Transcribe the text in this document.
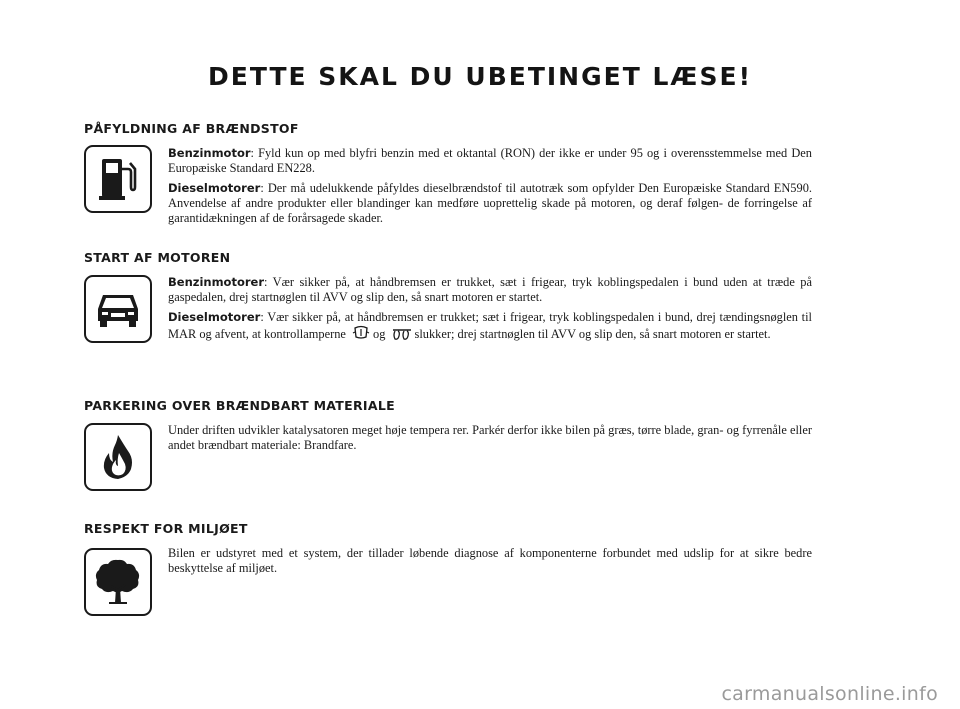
DETTE SKAL DU UBETINGET LÆSE!
PÅFYLDNING AF BRÆNDSTOF

Benzinmotor: Fyld kun op med blyfri benzin med et oktantal (RON) der ikke er under 95 og i overensstemmelse med Den Europæiske Standard EN228.

Dieselmotorer: Der må udelukkende påfyldes dieselbrændstof til autotræk som opfylder Den Europæiske Standard EN590. Anvendelse af andre produkter eller blandinger kan medføre uoprettelig skade på motoren, og deraf følgen- de forringelse af garantidækningen af de forårsagede skader.

START AF MOTOREN

Benzinmotorer: Vær sikker på, at håndbremsen er trukket, sæt i frigear, tryk koblingspedalen i bund uden at træde på gaspedalen, drej startnøglen til AVV og slip den, så snart motoren er startet.

Dieselmotorer: Vær sikker på, at håndbremsen er trukket; sæt i frigear, tryk koblingspedalen i bund, drej tændingsnøglen til MAR og afvent, at kontrollamperne og slukker; drej startnøglen til AVV og slip den, så snart motoren er startet.

PARKERING OVER BRÆNDBART MATERIALE

Under driften udvikler katalysatoren meget høje tempera rer. Parkér derfor ikke bilen på græs, tørre blade, gran- og fyrrenåle eller andet brændbart materiale: Brandfare.

RESPEKT FOR MILJØET

Bilen er udstyret med et system, der tillader løbende diagnose af komponenterne forbundet med udslip for at sikre bedre beskyttelse af miljøet.

carmanualsonline.info
